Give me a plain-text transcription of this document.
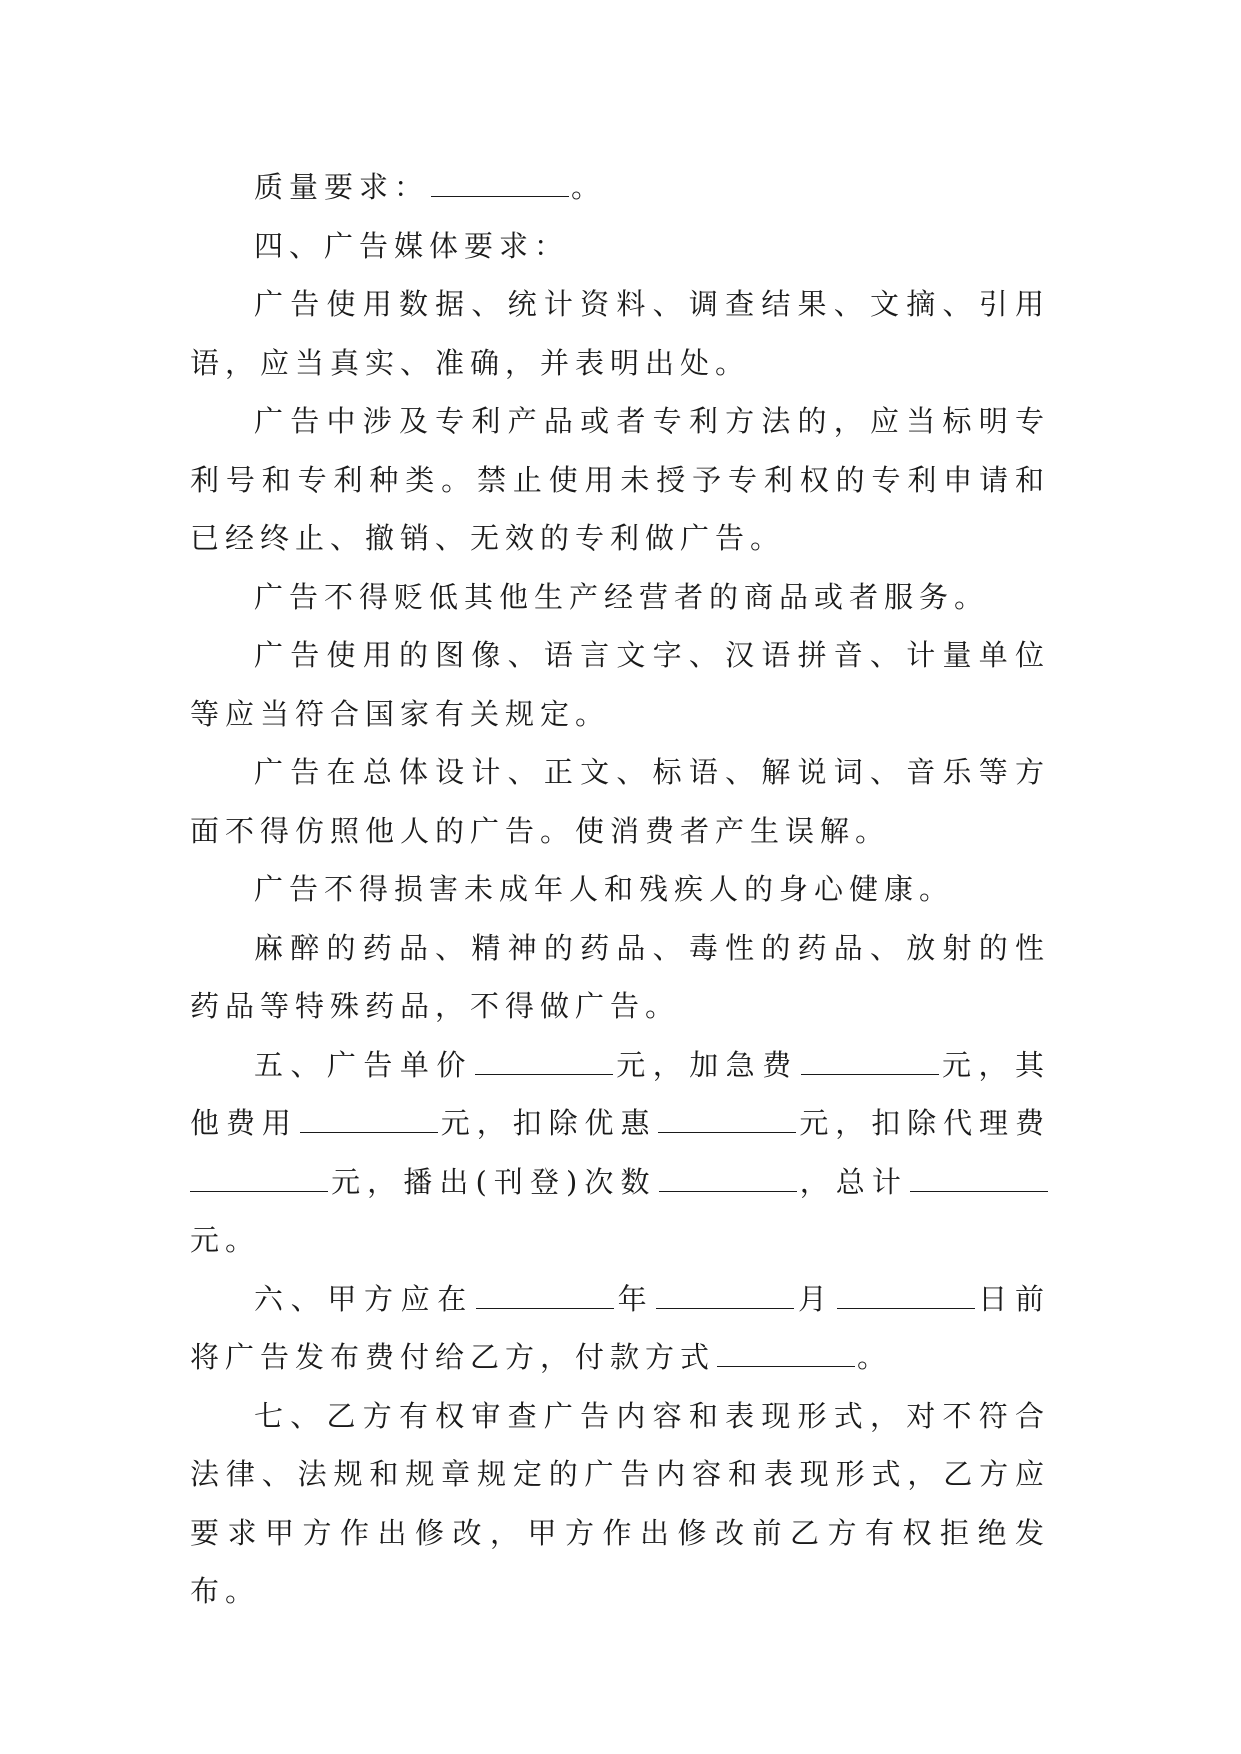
质量要求：	。

四、广告媒体要求：

广告使用数据、统计资料、调查结果、文摘、引用语，应当真实、准确，并表明出处。

广告中涉及专利产品或者专利方法的，应当标明专利号和专利种类。禁止使用未授予专利权的专利申请和已经终止、撤销、无效的专利做广告。

广告不得贬低其他生产经营者的商品或者服务。

广告使用的图像、语言文字、汉语拼音、计量单位等应当符合国家有关规定。

广告在总体设计、正文、标语、解说词、音乐等方面不得仿照他人的广告。使消费者产生误解。

广告不得损害未成年人和残疾人的身心健康。

麻醉的药品、精神的药品、毒性的药品、放射的性药品等特殊药品，不得做广告。

五、广告单价	元，加急费	元，其他费用	元，扣除优惠	元，扣除代理费元，播出(刊登)次数	，总计元。

六、甲方应在	年	月	日前将广告发布费付给乙方，付款方式	。

七、乙方有权审查广告内容和表现形式，对不符合法律、法规和规章规定的广告内容和表现形式，乙方应要求甲方作出修改，甲方作出修改前乙方有权拒绝发布。
